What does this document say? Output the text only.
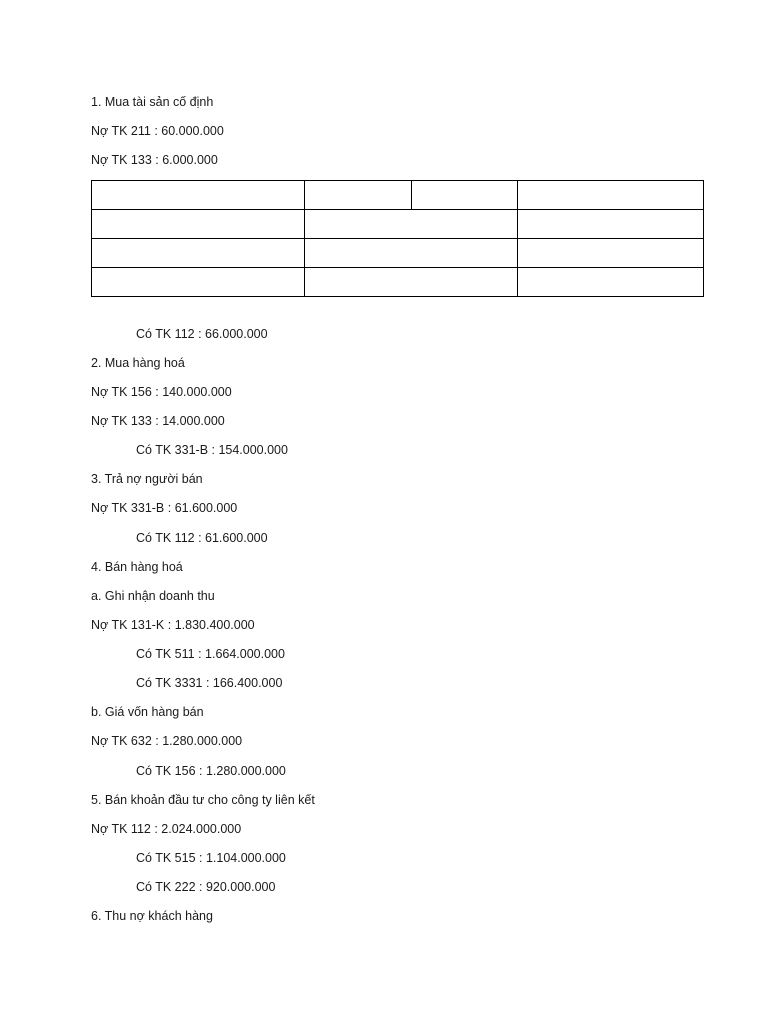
1. Mua tài sản cố định
Nợ TK 211 : 60.000.000
Nợ TK 133 : 6.000.000

Có TK 112 : 66.000.000
2. Mua hàng hoá
Nợ TK 156 : 140.000.000
Nợ TK 133 : 14.000.000
Có TK 331-B : 154.000.000
3. Trả nợ người bán
Nợ TK 331-B : 61.600.000
Có TK 112 : 61.600.000
4. Bán hàng hoá
a. Ghi nhận doanh thu
Nợ TK 131-K : 1.830.400.000
Có TK 511 : 1.664.000.000
Có TK 3331 : 166.400.000
b. Giá vốn hàng bán
Nợ TK 632 : 1.280.000.000
Có TK 156 : 1.280.000.000
5. Bán khoản đầu tư cho công ty liên kết
Nợ TK 112 : 2.024.000.000
Có TK 515 : 1.104.000.000
Có TK 222 : 920.000.000
6. Thu nợ khách hàng
